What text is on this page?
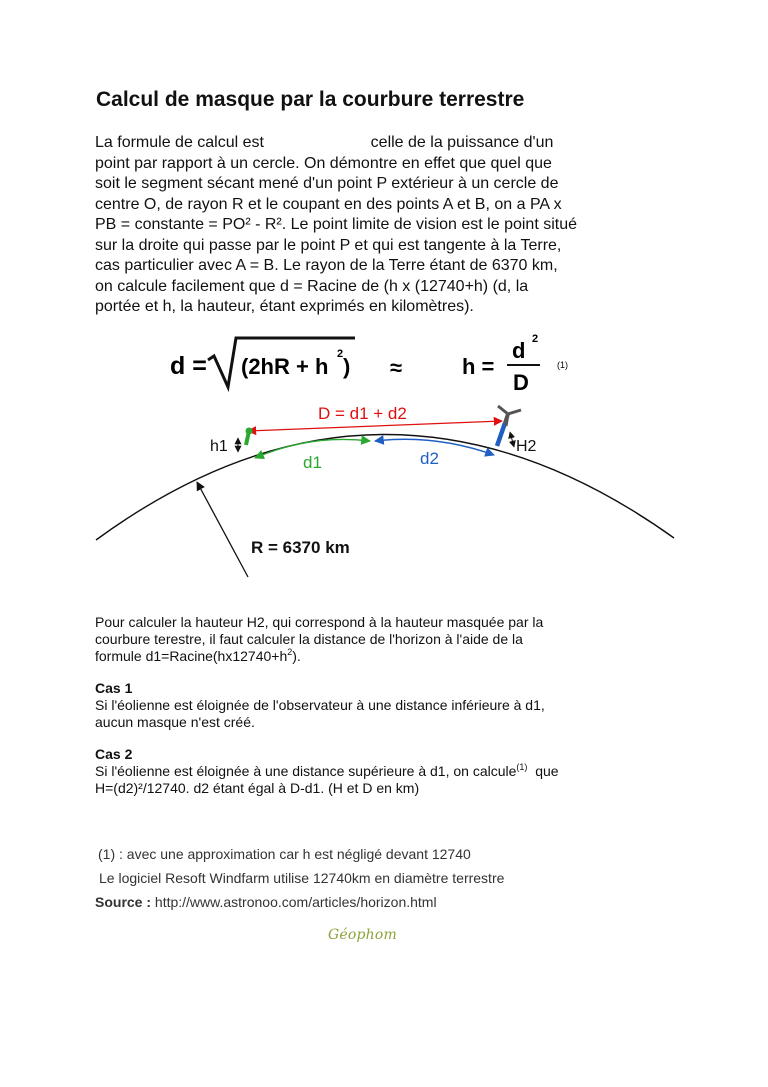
Calcul de masque par la courbure terrestre

La formule de calcul est                        celle de la puissance d'un

point par rapport à un cercle. On démontre en effet que quel que

soit le segment sécant mené d'un point P extérieur à un cercle de

centre O, de rayon R et le coupant en des points A et B, on a PA x

PB = constante = PO² - R². Le point limite de vision est le point situé

sur la droite qui passe par le point P et qui est tangente à la Terre,

cas particulier avec A = B. Le rayon de la Terre étant de 6370 km,

on calcule facilement que d = Racine de (h x (12740+h) (d, la

portée et h, la hauteur, étant exprimés en kilomètres).

d = (2hR + h 2 ) ≈	h =
d 2
D
(1)
D = d1 + d2
h1	H2
d1	d2
R = 6370 km

Pour calculer la hauteur H2, qui correspond à la hauteur masquée par la

courbure terestre, il faut calculer la distance de l'horizon à l'aide de la

formule $d1=Racine(hx12740+h^2)$.

Cas 1

Si l'éolienne est éloignée de l'observateur à une distance inférieure à d1,

aucun masque n'est créé.

Cas 2

Si l'éolienne est éloignée à une distance supérieure à d1, on calcule$^{(1)}$  que

H=(d2)²/12740. d2 étant égal à D-d1. (H et D en km)

(1) : avec une approximation car h est négligé devant 12740

Le logiciel Resoft Windfarm utilise 12740km en diamètre terrestre

Source : http://www.astronoo.com/articles/horizon.html

Géophom
